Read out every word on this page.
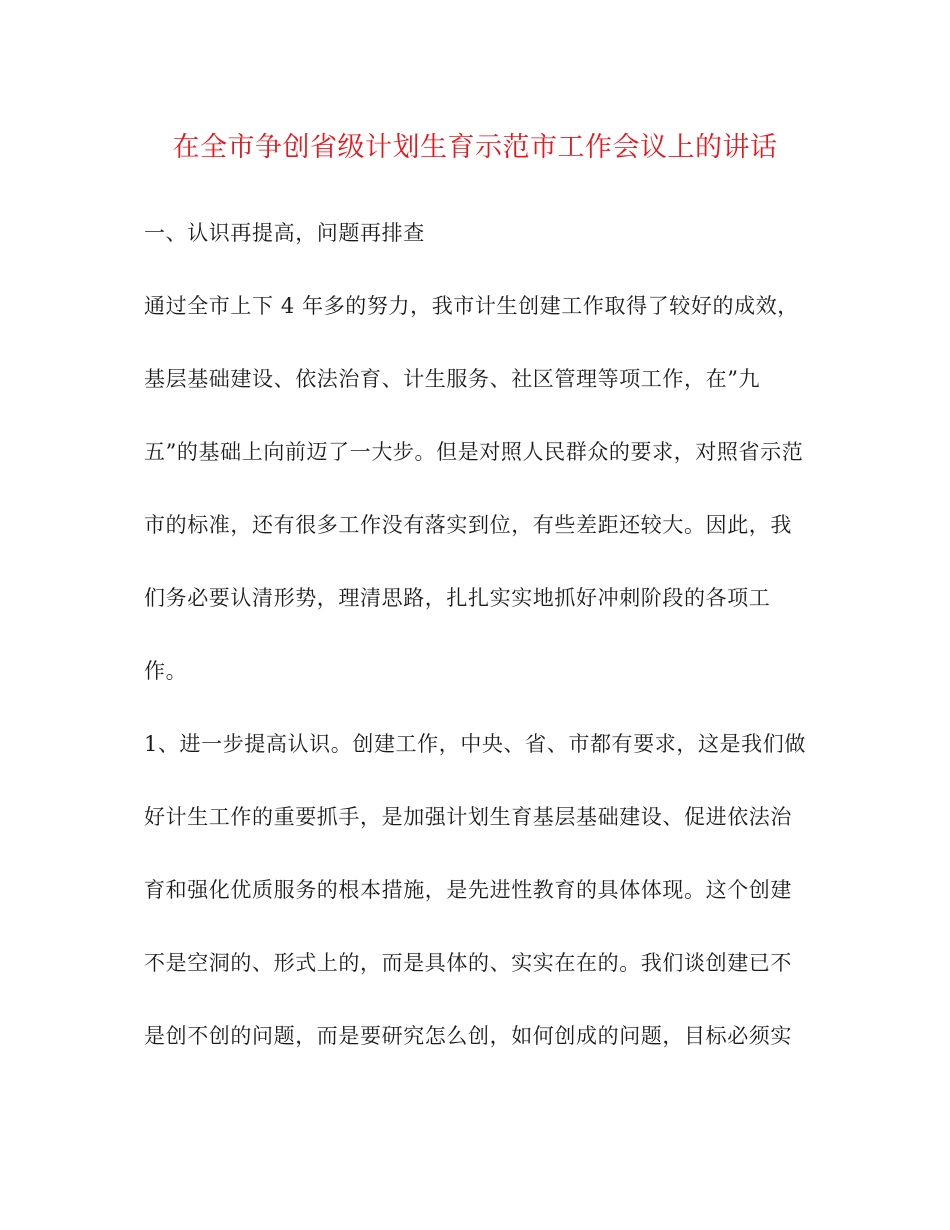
在全市争创省级计划生育示范市工作会议上的讲话
一、认识再提高，问题再排查
通过全市上下 4 年多的努力，我市计生创建工作取得了较好的成效，
基层基础建设、依法治育、计生服务、社区管理等项工作，在”九
五”的基础上向前迈了一大步。但是对照人民群众的要求，对照省示范
市的标准，还有很多工作没有落实到位，有些差距还较大。因此，我
们务必要认清形势，理清思路，扎扎实实地抓好冲刺阶段的各项工
作。
1、进一步提高认识。创建工作，中央、省、市都有要求，这是我们做
好计生工作的重要抓手，是加强计划生育基层基础建设、促进依法治
育和强化优质服务的根本措施，是先进性教育的具体体现。这个创建
不是空洞的、形式上的，而是具体的、实实在在的。我们谈创建已不
是创不创的问题，而是要研究怎么创，如何创成的问题，目标必须实
